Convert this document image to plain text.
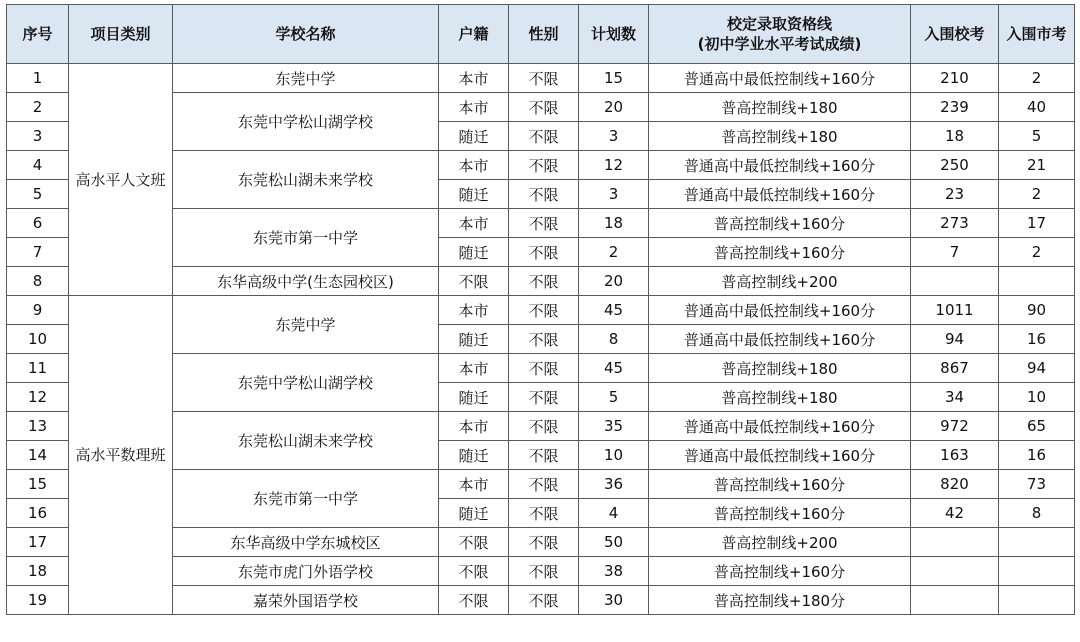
序号	项目类别	学校名称	户籍	性别	计划数	校定录取资格线
(初中学业水平考试成绩)	入围校考	入围市考
1	高水平人文班	东莞中学	本市	不限	15	普通高中最低控制线+160分	210	2
2		东莞中学松山湖学校	本市	不限	20	普高控制线+180	239	40
3			随迁	不限	3	普高控制线+180	18	5
4		东莞松山湖未来学校	本市	不限	12	普通高中最低控制线+160分	250	21
5			随迁	不限	3	普通高中最低控制线+160分	23	2
6		东莞市第一中学	本市	不限	18	普高控制线+160分	273	17
7			随迁	不限	2	普高控制线+160分	7	2
8		东华高级中学(生态园校区)	不限	不限	20	普高控制线+200		
9	高水平数理班	东莞中学	本市	不限	45	普通高中最低控制线+160分	1011	90
10			随迁	不限	8	普通高中最低控制线+160分	94	16
11		东莞中学松山湖学校	本市	不限	45	普高控制线+180	867	94
12			随迁	不限	5	普高控制线+180	34	10
13		东莞松山湖未来学校	本市	不限	35	普通高中最低控制线+160分	972	65
14			随迁	不限	10	普通高中最低控制线+160分	163	16
15		东莞市第一中学	本市	不限	36	普高控制线+160分	820	73
16			随迁	不限	4	普高控制线+160分	42	8
17		东华高级中学东城校区	不限	不限	50	普高控制线+200		
18		东莞市虎门外语学校	不限	不限	38	普高控制线+160分		
19		嘉荣外国语学校	不限	不限	30	普高控制线+180分		
